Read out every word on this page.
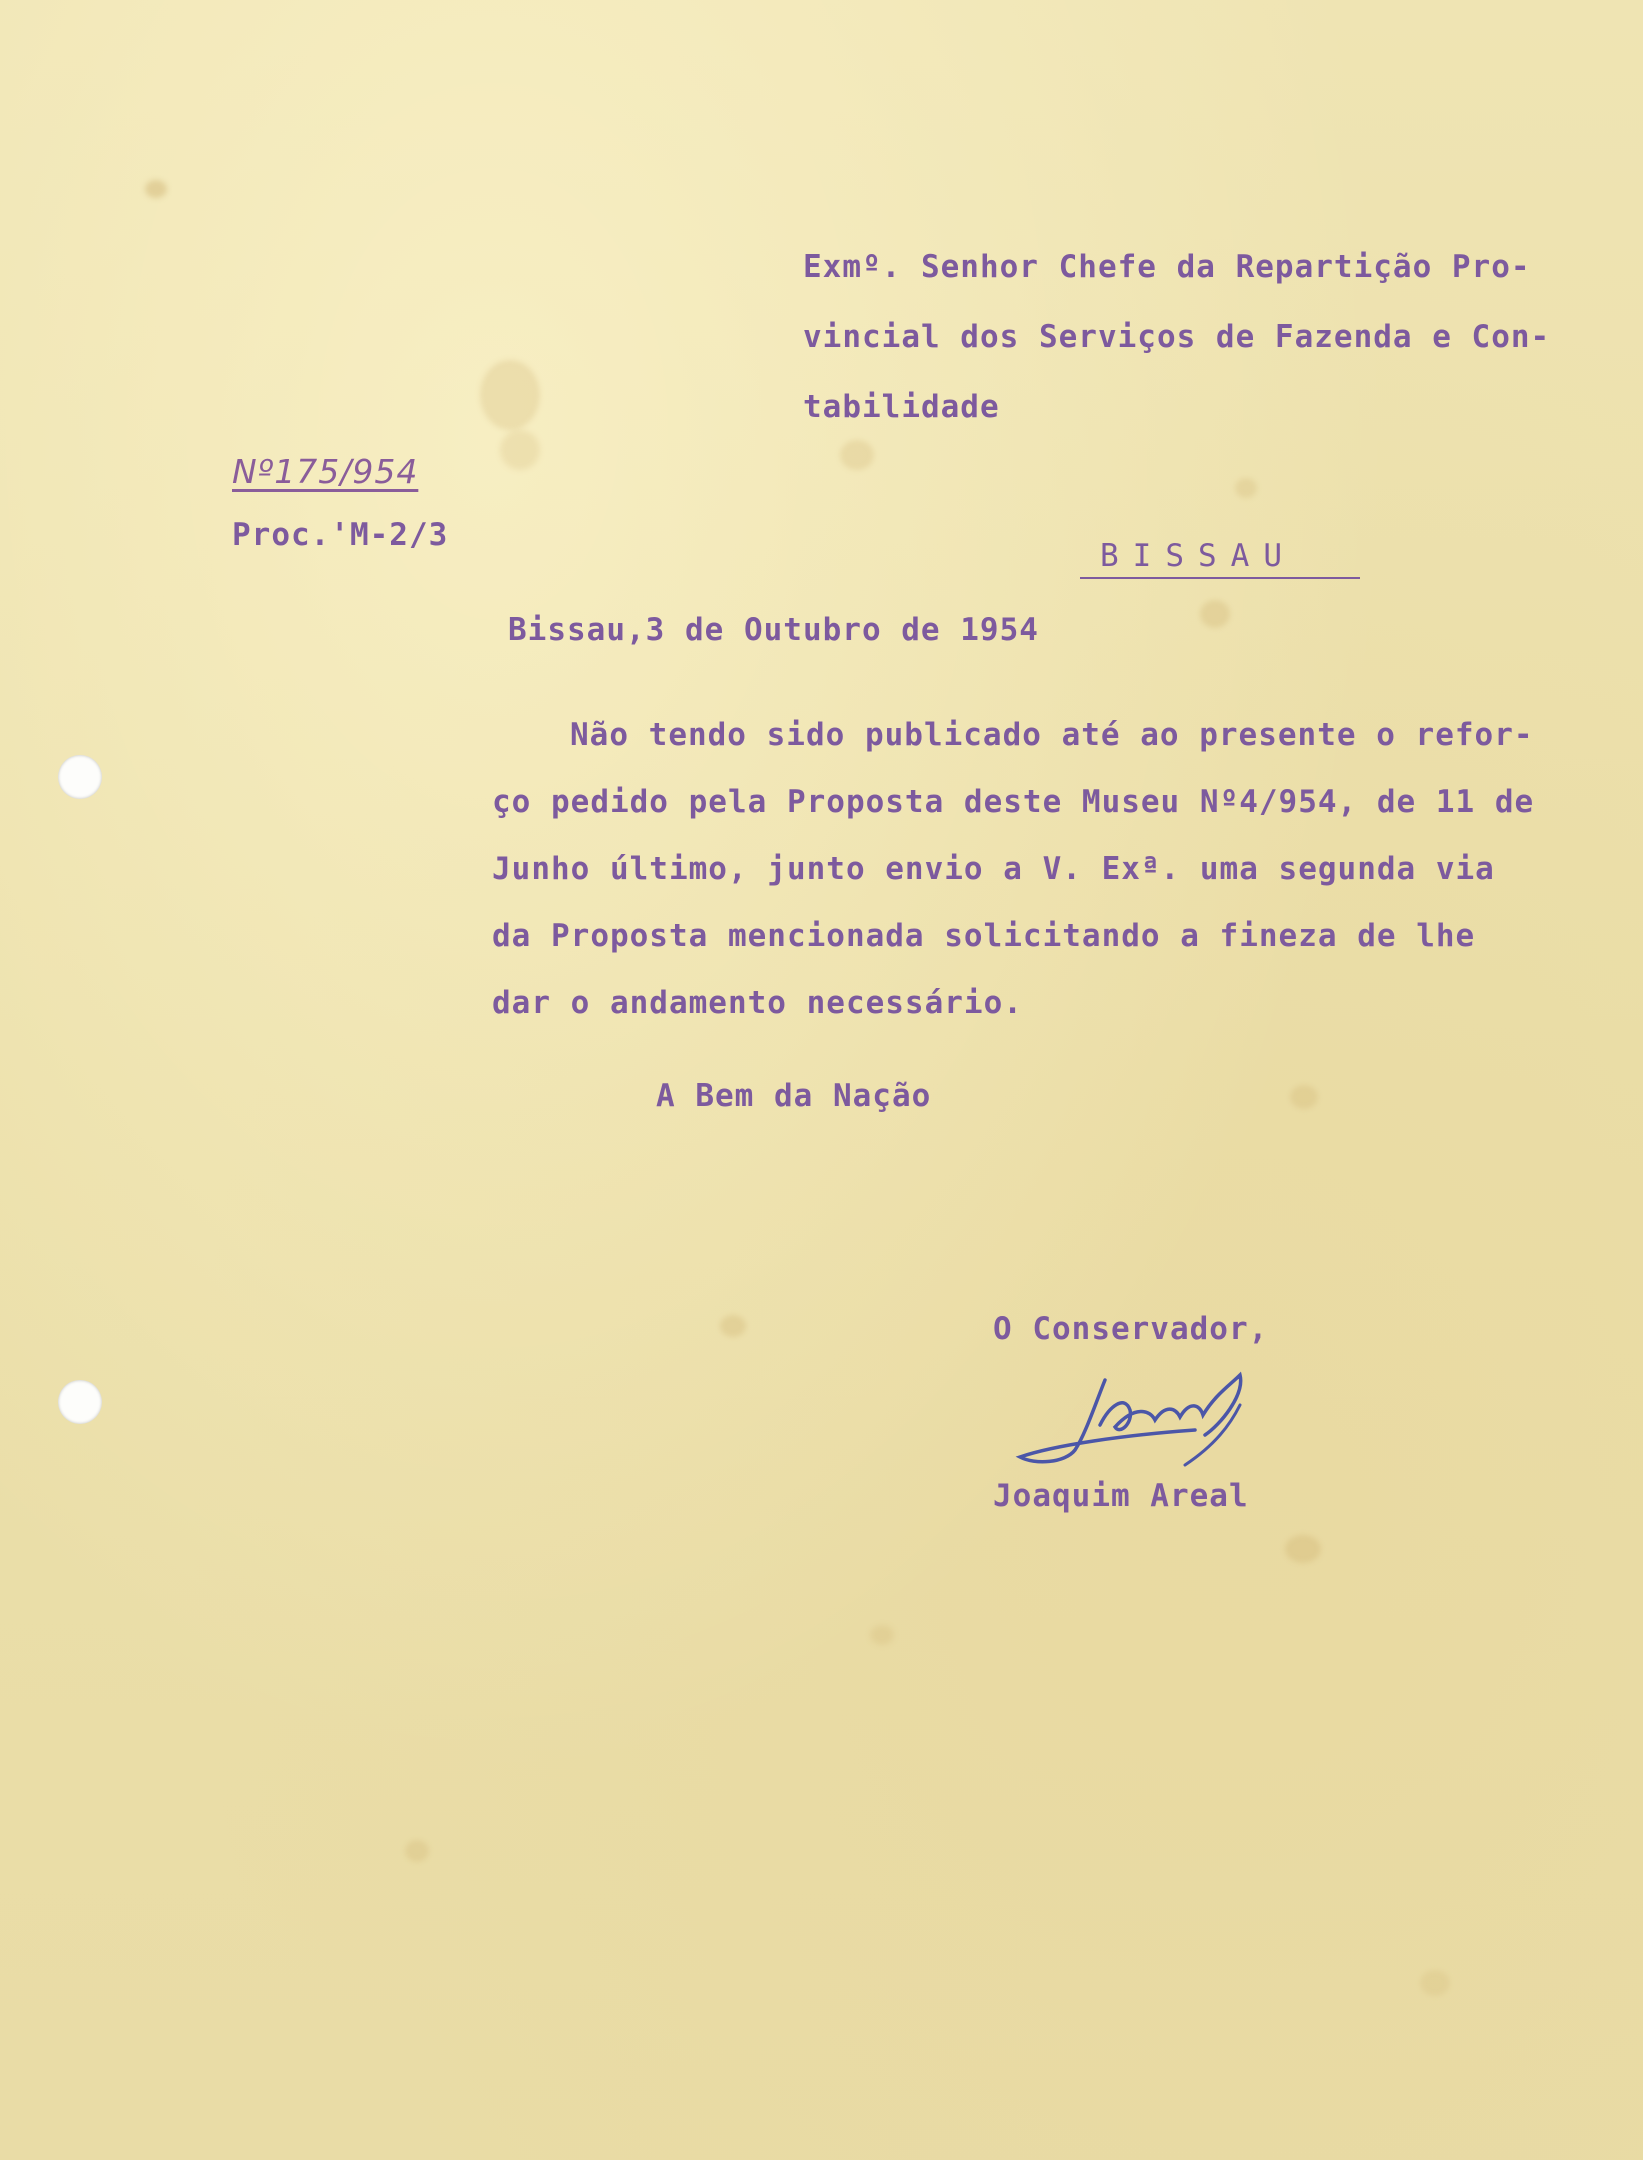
Exmº. Senhor Chefe da Repartição Pro-
vincial dos Serviços de Fazenda e Con-
tabilidade
Nº175/954
Proc.'M-2/3
BISSAU
Bissau,3 de Outubro de 1954
Não tendo sido publicado até ao presente o refor-
ço pedido pela Proposta deste Museu Nº4/954, de 11 de
Junho último, junto envio a V. Exª. uma segunda via
da Proposta mencionada solicitando a fineza de lhe
dar o andamento necessário.
A Bem da Nação
O Conservador,
Joaquim Areal
